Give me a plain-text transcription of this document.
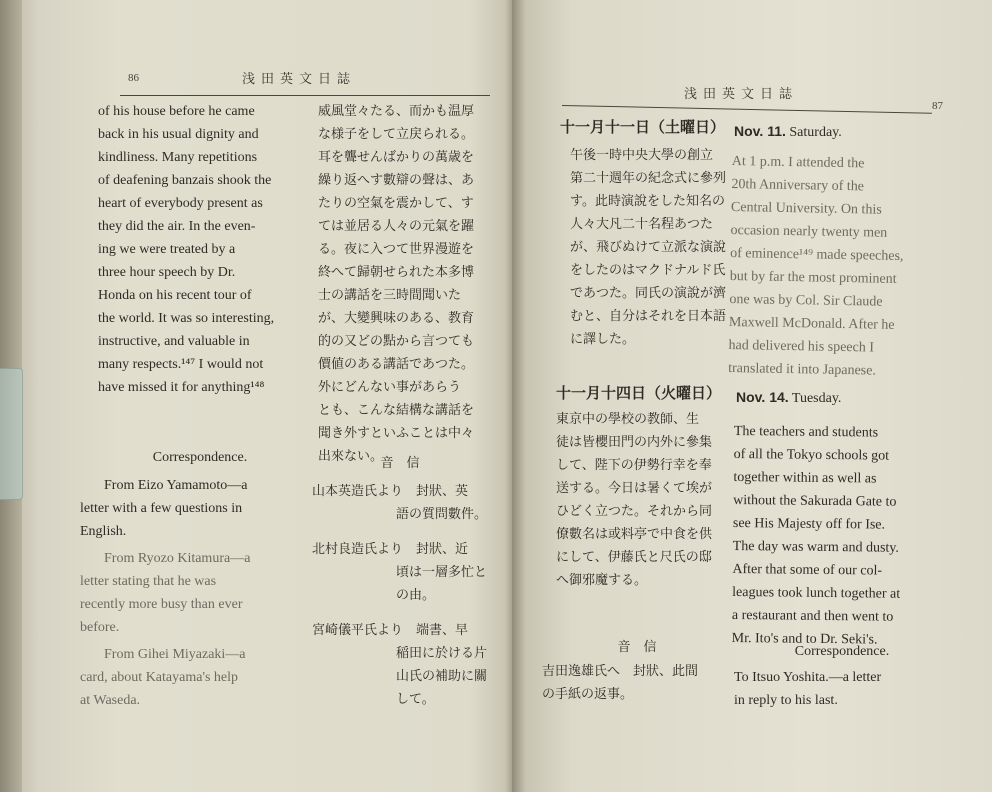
86	浅田英文日誌
of his house before he came
back in his usual dignity and
kindliness. Many repetitions
of deafening banzais shook the
heart of everybody present as
they did the air. In the even-
ing we were treated by a
three hour speech by Dr.
Honda on his recent tour of
the world. It was so interesting,
instructive, and valuable in
many respects.¹⁴⁷ I would not
have missed it for anything¹⁴⁸
威風堂々たる、而かも温厚
な様子をして立戻られる。
耳を聾せんばかりの萬歳を
繰り返へす數辯の聲は、あ
たりの空氣を震かして、す
ては並居る人々の元氣を躍
る。夜に入つて世界漫遊を
終へて歸朝せられた本多博
士の講話を三時間聞いた
が、大變興味のある、教育
的の又どの點から言つても
價値のある講話であつた。
外にどんない事があらう
とも、こんな結構な講話を
聞き外すといふことは中々
出來ない。
Correspondence.	音　信
From Eizo Yamamoto—a
letter with a few questions in
English.
From Ryozo Kitamura—a
letter stating that he was
recently more busy than ever
before.
From Gihei Miyazaki—a
card, about Katayama's help
at Waseda.
山本英造氏より　封狀、英
語の質問數件。
北村良造氏より　封狀、近
頃は一層多忙と
の由。
宮崎儀平氏より　端書、早
稲田に於ける片
山氏の補助に關
して。
浅田英文日誌
87
十一月十一日（土曜日） Nov. 11. Saturday.
午後一時中央大學の創立
第二十週年の紀念式に參列
す。此時演說をした知名の
人々大凡二十名程あつた
が、飛びぬけて立派な演說
をしたのはマクドナルド氏
であつた。同氏の演說が濟
むと、自分はそれを日本語
に譯した。
At 1 p.m. I attended the
20th Anniversary of the
Central University. On this
occasion nearly twenty men
of eminence¹⁴⁹ made speeches,
but by far the most prominent
one was by Col. Sir Claude
Maxwell McDonald. After he
had delivered his speech I
translated it into Japanese.
十一月十四日（火曜日） Nov. 14. Tuesday.
東京中の學校の教師、生
徒は皆櫻田門の内外に參集
して、陛下の伊勢行幸を奉
送する。今日は暑くて埃が
ひどく立つた。それから同
僚數名は或料亭で中食を供
にして、伊藤氏と尺氏の邸
へ御邪魔する。
The teachers and students
of all the Tokyo schools got
together within as well as
without the Sakurada Gate to
see His Majesty off for Ise.
The day was warm and dusty.
After that some of our col-
leagues took lunch together at
a restaurant and then went to
Mr. Ito's and to Dr. Seki's.
音　信	Correspondence.
吉田逸雄氏へ　封狀、此間
の手紙の返事。
To Itsuo Yoshita.—a letter
in reply to his last.
